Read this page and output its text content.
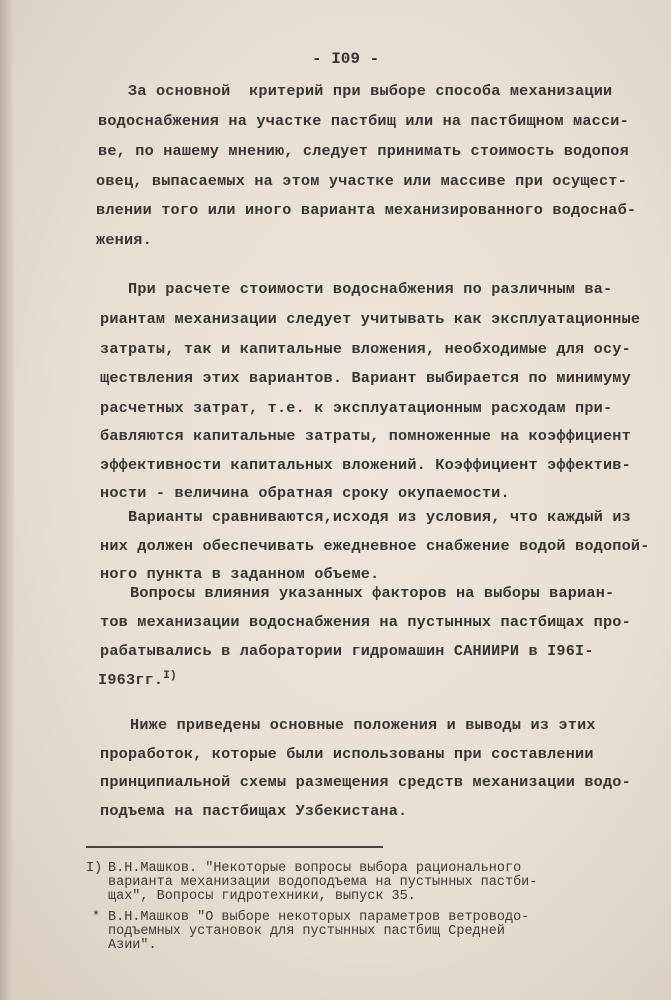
- I09 -
За основной  критерий при выборе способа механизации
водоснабжения на участке пастбищ или на пастбищном масси-
ве, по нашему мнению, следует принимать стоимость водопоя
овец, выпасаемых на этом участке или массиве при осущест-
влении того или иного варианта механизированного водоснаб-
жения.
При расчете стоимости водоснабжения по различным ва-
риантам механизации следует учитывать как эксплуатационные
затраты, так и капитальные вложения, необходимые для осу-
ществления этих вариантов. Вариант выбирается по минимуму
расчетных затрат, т.е. к эксплуатационным расходам при-
бавляются капитальные затраты, помноженные на коэффициент
эффективности капитальных вложений. Коэффициент эффектив-
ности - величина обратная сроку окупаемости.
Варианты сравниваются,исходя из условия, что каждый из
них должен обеспечивать ежедневное снабжение водой водопой-
ного пункта в заданном объеме.
Вопросы влияния указанных факторов на выборы вариан-
тов механизации водоснабжения на пустынных пастбищах про-
рабатывались в лаборатории гидромашин САНИИРИ в I96I-
I963гг.$^{I)}$
Ниже приведены основные положения и выводы из этих
проработок, которые были использованы при составлении
принципиальной схемы размещения средств механизации водо-
подъема на пастбищах Узбекистана.
I) В.Н.Машков. "Некоторые вопросы выбора рационального
варианта механизации водоподъема на пустынных пастби-
щах", Вопросы гидротехники, выпуск 35.
* В.Н.Машков "О выборе некоторых параметров ветроводо-
подъемных установок для пустынных пастбищ Средней
Азии".
